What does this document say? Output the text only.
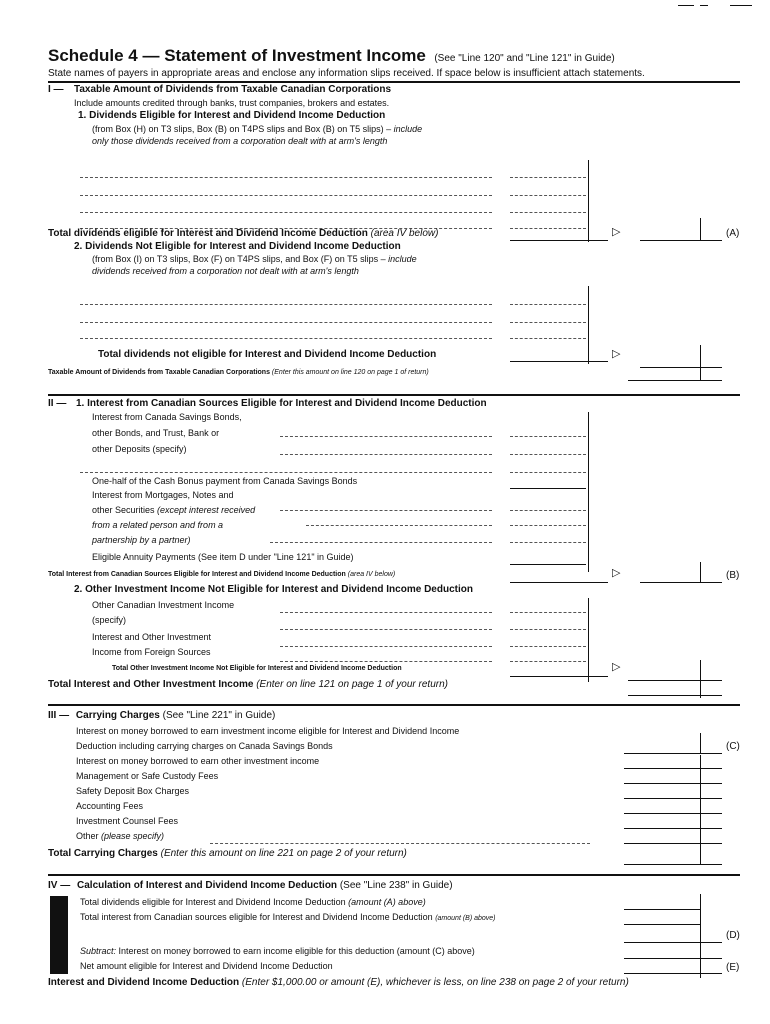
Schedule 4 — Statement of Investment Income (See "Line 120" and "Line 121" in Guide)
State names of payers in appropriate areas and enclose any information slips received. If space below is insufficient attach statements.
I — Taxable Amount of Dividends from Taxable Canadian Corporations
Include amounts credited through banks, trust companies, brokers and estates.
1. Dividends Eligible for Interest and Dividend Income Deduction
(from Box (H) on T3 slips, Box (B) on T4PS slips and Box (B) on T5 slips) – include
only those dividends received from a corporation dealt with at arm's length
Total dividends eligible for Interest and Dividend Income Deduction (area IV below)	▷	(A)
2. Dividends Not Eligible for Interest and Dividend Income Deduction
(from Box (I) on T3 slips, Box (F) on T4PS slips, and Box (F) on T5 slips – include
dividends received from a corporation not dealt with at arm's length
Total dividends not eligible for Interest and Dividend Income Deduction	▷
Taxable Amount of Dividends from Taxable Canadian Corporations (Enter this amount on line 120 on page 1 of return)
II — 1. Interest from Canadian Sources Eligible for Interest and Dividend Income Deduction
Interest from Canada Savings Bonds,
other Bonds, and Trust, Bank or
other Deposits (specify)
One-half of the Cash Bonus payment from Canada Savings Bonds
Interest from Mortgages, Notes and
other Securities (except interest received
from a related person and from a
partnership by a partner)
Eligible Annuity Payments (See item D under "Line 121" in Guide)
Total Interest from Canadian Sources Eligible for Interest and Dividend Income Deduction (area IV below)	▷	(B)
2. Other Investment Income Not Eligible for Interest and Dividend Income Deduction
Other Canadian Investment Income
(specify)
Interest and Other Investment
Income from Foreign Sources
Total Other Investment Income Not Eligible for Interest and Dividend Income Deduction	▷
Total Interest and Other Investment Income (Enter on line 121 on page 1 of your return)
III — Carrying Charges (See "Line 221" in Guide)
Interest on money borrowed to earn investment income eligible for Interest and Dividend Income
Deduction including carrying charges on Canada Savings Bonds	(C)
Interest on money borrowed to earn other investment income
Management or Safe Custody Fees
Safety Deposit Box Charges
Accounting Fees
Investment Counsel Fees
Other (please specify)
Total Carrying Charges (Enter this amount on line 221 on page 2 of your return)
IV — Calculation of Interest and Dividend Income Deduction (See "Line 238" in Guide)
Total dividends eligible for Interest and Dividend Income Deduction (amount (A) above)
Total interest from Canadian sources eligible for Interest and Dividend Income Deduction (amount (B) above)
(D)
Subtract: Interest on money borrowed to earn income eligible for this deduction (amount (C) above)
Net amount eligible for Interest and Dividend Income Deduction	(E)
Interest and Dividend Income Deduction (Enter $1,000.00 or amount (E), whichever is less, on line 238 on page 2 of your return)
